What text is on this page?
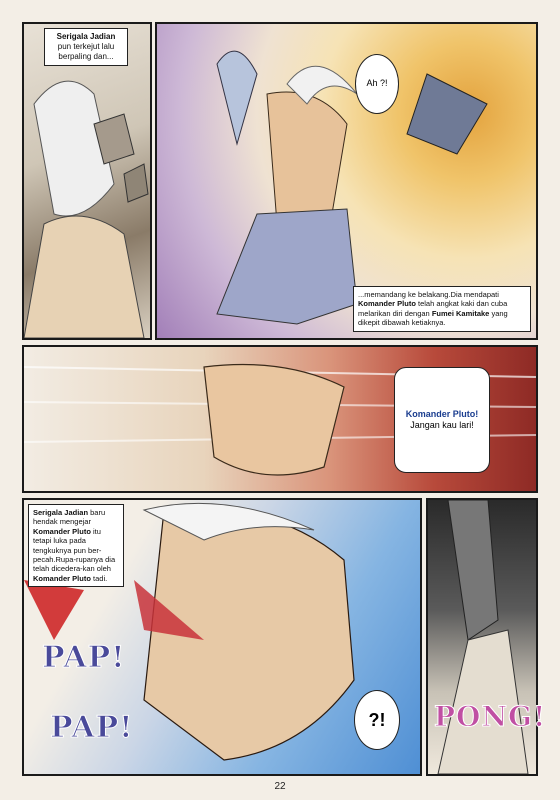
Serigala Jadian pun terkejut lalu berpaling dan...
Ah ?!
...memandang ke belakang.Dia mendapati Komander Pluto telah angkat kaki dan cuba melarikan diri dengan Fumei Kamitake yang dikepit dibawah ketiaknya.
Komander Pluto!
Jangan kau lari!
Serigala Jadian baru hendak mengejar Komander Pluto itu tetapi luka pada tengkuknya pun ber-pecah.Rupa-rupanya dia telah dicedera-kan oleh Komander Pluto tadi.
PAP!
PAP!	?!	PONG!
22
